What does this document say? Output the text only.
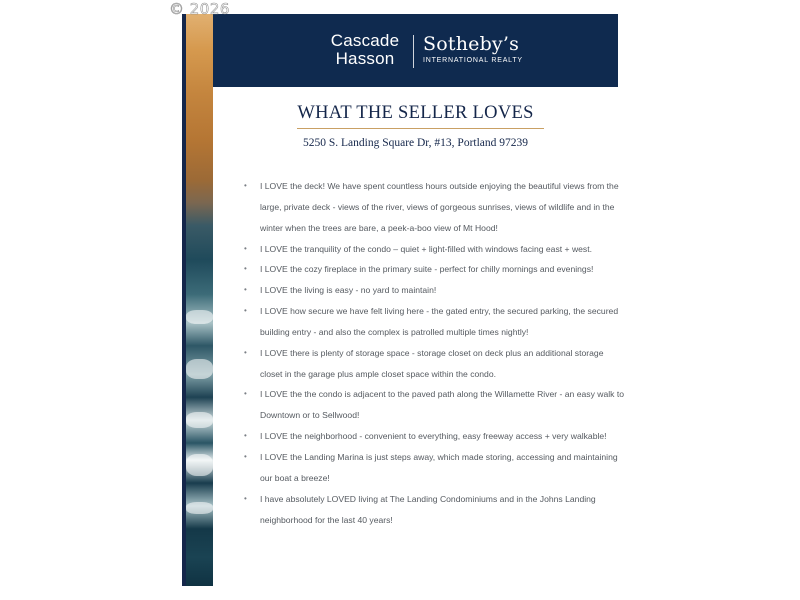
© 2026
Cascade
Hasson
Sotheby’s
INTERNATIONAL REALTY
WHAT THE SELLER LOVES
5250 S. Landing Square Dr, #13, Portland 97239
• I LOVE the deck! We have spent countless hours outside enjoying the beautiful views from the large, private deck - views of the river, views of gorgeous sunrises, views of wildlife and in the winter when the trees are bare, a peek-a-boo view of Mt Hood!
• I LOVE the tranquility of the condo – quiet + light-filled with windows facing east + west.
• I LOVE the cozy fireplace in the primary suite - perfect for chilly mornings and evenings!
• I LOVE the living is easy - no yard to maintain!
• I LOVE how secure we have felt living here - the gated entry, the secured parking, the secured building entry - and also the complex is patrolled multiple times nightly!
• I LOVE there is plenty of storage space - storage closet on deck plus an additional storage closet in the garage plus ample closet space within the condo.
• I LOVE the the condo is adjacent to the paved path along the Willamette River - an easy walk to Downtown or to Sellwood!
• I LOVE the neighborhood - convenient to everything, easy freeway access + very walkable!
• I LOVE the Landing Marina is just steps away, which made storing, accessing and maintaining our boat a breeze!
• I have absolutely LOVED living at The Landing Condominiums and in the Johns Landing neighborhood for the last 40 years!
